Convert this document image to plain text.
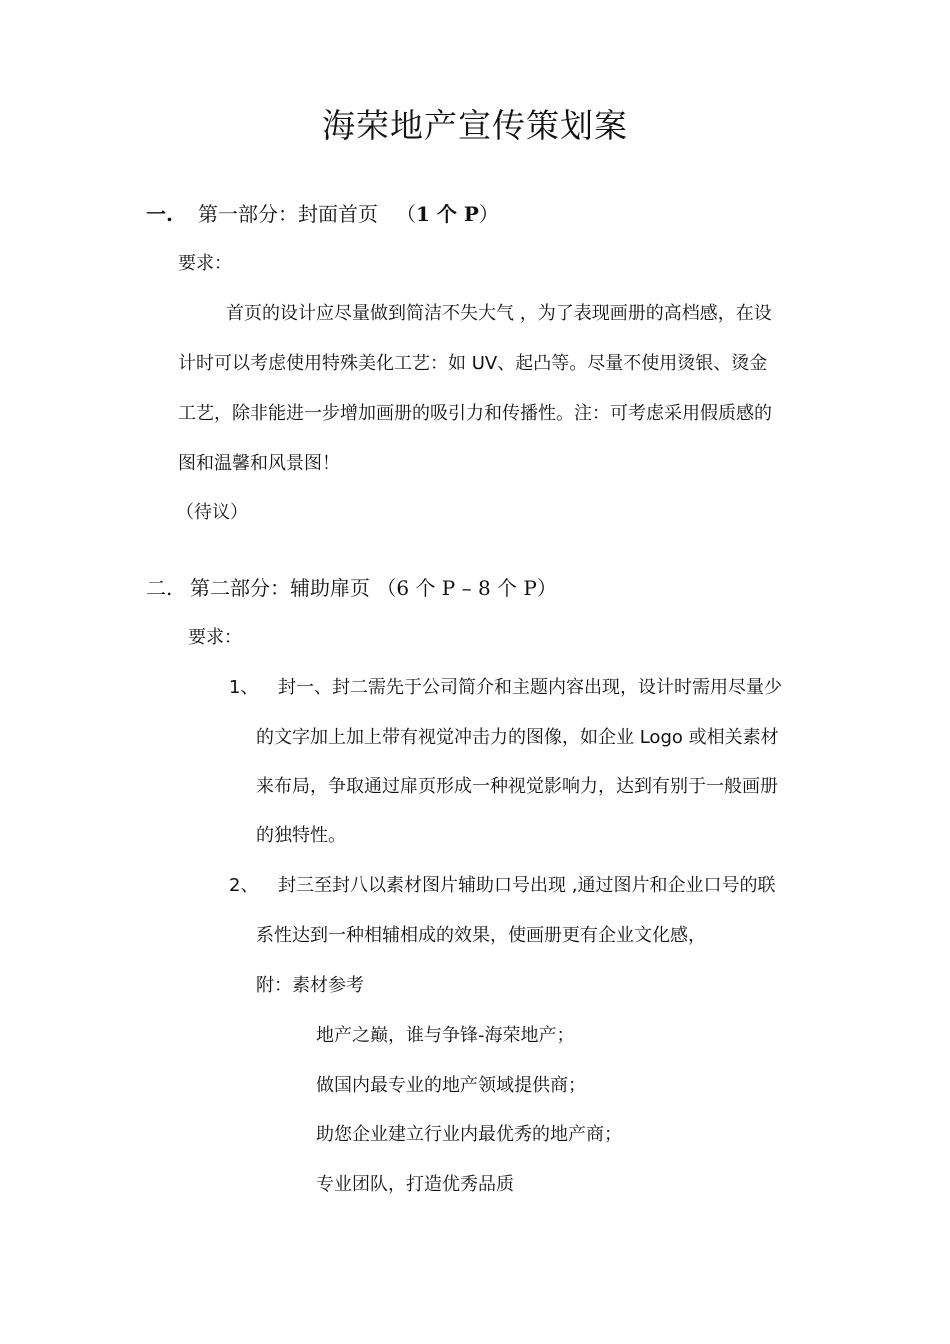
海荣地产宣传策划案
一. 第一部分：封面首页 （1 个 P）
要求：
首页的设计应尽量做到简洁不失大气 ，为了表现画册的高档感，在设
计时可以考虑使用特殊美化工艺：如 UV、起凸等。尽量不使用烫银、烫金
工艺，除非能进一步增加画册的吸引力和传播性。注：可考虑采用假质感的
图和温馨和风景图！
（待议）
二. 第二部分：辅助扉页 （6 个 P – 8 个 P）
要求：
1、 封一、封二需先于公司简介和主题内容出现，设计时需用尽量少
的文字加上加上带有视觉冲击力的图像，如企业 Logo 或相关素材
来布局，争取通过扉页形成一种视觉影响力，达到有别于一般画册
的独特性。
2、 封三至封八以素材图片辅助口号出现 ,通过图片和企业口号的联
系性达到一种相辅相成的效果，使画册更有企业文化感，
附：素材参考
地产之巅，谁与争锋-海荣地产；
做国内最专业的地产领域提供商；
助您企业建立行业内最优秀的地产商；
专业团队，打造优秀品质
